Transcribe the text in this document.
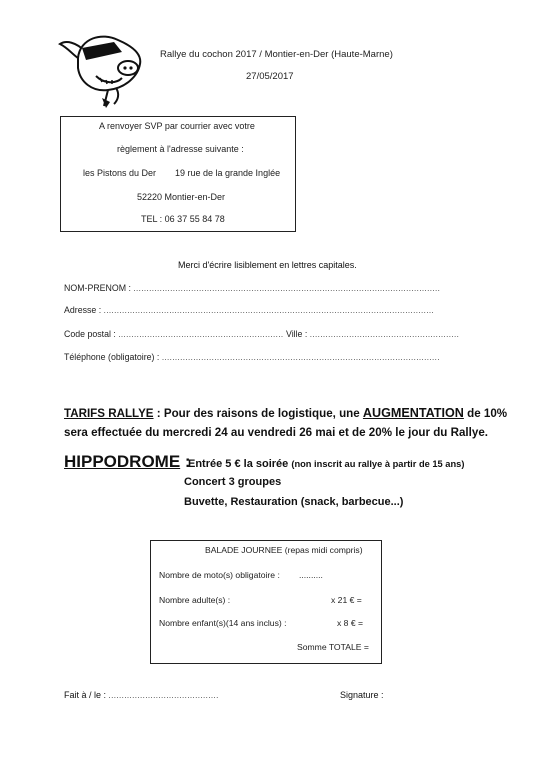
Rallye du cochon 2017 / Montier-en-Der (Haute-Marne)
27/05/2017
A renvoyer SVP par courrier avec votre
règlement à l'adresse suivante :
les Pistons du Der 19 rue de la grande Inglée
52220 Montier-en-Der
TEL : 06 37 55 84 78
Merci d'écrire lisiblement en lettres capitales.
NOM-PRENOM : .....................................................................................................................
Adresse : ..............................................................................................................................
Code postal : ............................................................... Ville : .........................................................
Téléphone (obligatoire) : ..........................................................................................................
TARIFS RALLYE : Pour des raisons de logistique, une AUGMENTATION de 10%
sera effectuée du mercredi 24 au vendredi 26 mai et de 20% le jour du Rallye.
HIPPODROME :
Entrée 5 € la soirée (non inscrit au rallye à partir de 15 ans)
Concert 3 groupes
Buvette, Restauration (snack, barbecue...)
BALADE JOURNEE (repas midi compris)
Nombre de moto(s) obligatoire : ..........
Nombre adulte(s) :	x 21 € =
Nombre enfant(s)(14 ans inclus) :	x 8 € =
Somme TOTALE =
Fait à / le : ..........................................	Signature :
